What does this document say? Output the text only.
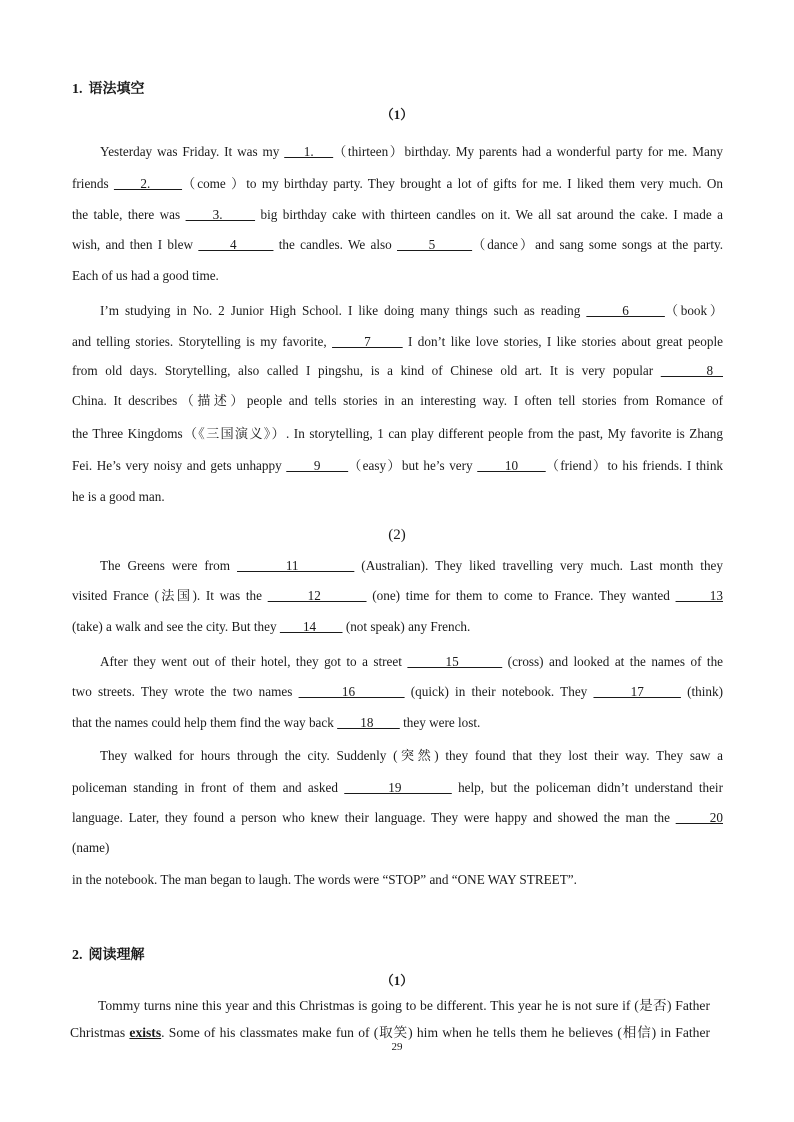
1. 语法填空
（1）
Yesterday was Friday. It was my     1.    （thirteen）birthday. My parents had a wonderful party for me. Many
friends      2.      （come ）to my birthday party. They brought a lot of gifts for me. I liked them very much. On
the table, there was      3.       big birthday cake with thirteen candles on it. We all sat around the cake. I made a
wish, and then I blew       4        the candles. We also       5       （dance）and sang some songs at the party.
Each of us had a good time.
I’m studying in No. 2 Junior High School. I like doing many things such as reading       6      （book）
and telling stories. Storytelling is my favorite,       7       I don’t like love stories, I like stories about great people
from old days. Storytelling, also called I pingshu, is a kind of Chinese old art. It is very popular       8
China. It describes（描述）people and tells stories in an interesting way. I often tell stories from Romance of
the Three Kingdoms（《三国演义》）. In storytelling, 1 can play different people from the past, My favorite is Zhang
Fei. He’s very noisy and gets unhappy       9      （easy）but he’s very       10      （friend）to his friends. I think
he is a good man.
(2)
The Greens were from        11         (Australian). They liked travelling very much. Last month they
visited France (法国). It was the        12         (one) time for them to come to France. They wanted       13
(take) a walk and see the city. But they        14         (not speak) any French.
After they went out of their hotel, they got to a street        15         (cross) and looked at the names of the
two streets. They wrote the two names        16         (quick) in their notebook. They       17       (think)
that the names could help them find the way back        18         they were lost.
They walked for hours through the city. Suddenly (突然) they found that they lost their way. They saw a
policeman standing in front of them and asked        19         help, but the policeman didn’t understand their
language. Later, they found a person who knew their language. They were happy and showed the man the       20
(name)
in the notebook. The man began to laugh. The words were “STOP” and “ONE WAY STREET”.
2. 阅读理解
（1）
Tommy turns nine this year and this Christmas is going to be different. This year he is not sure if (是否) Father
Christmas exists. Some of his classmates make fun of (取笑) him when he tells them he believes (相信) in Father
29
